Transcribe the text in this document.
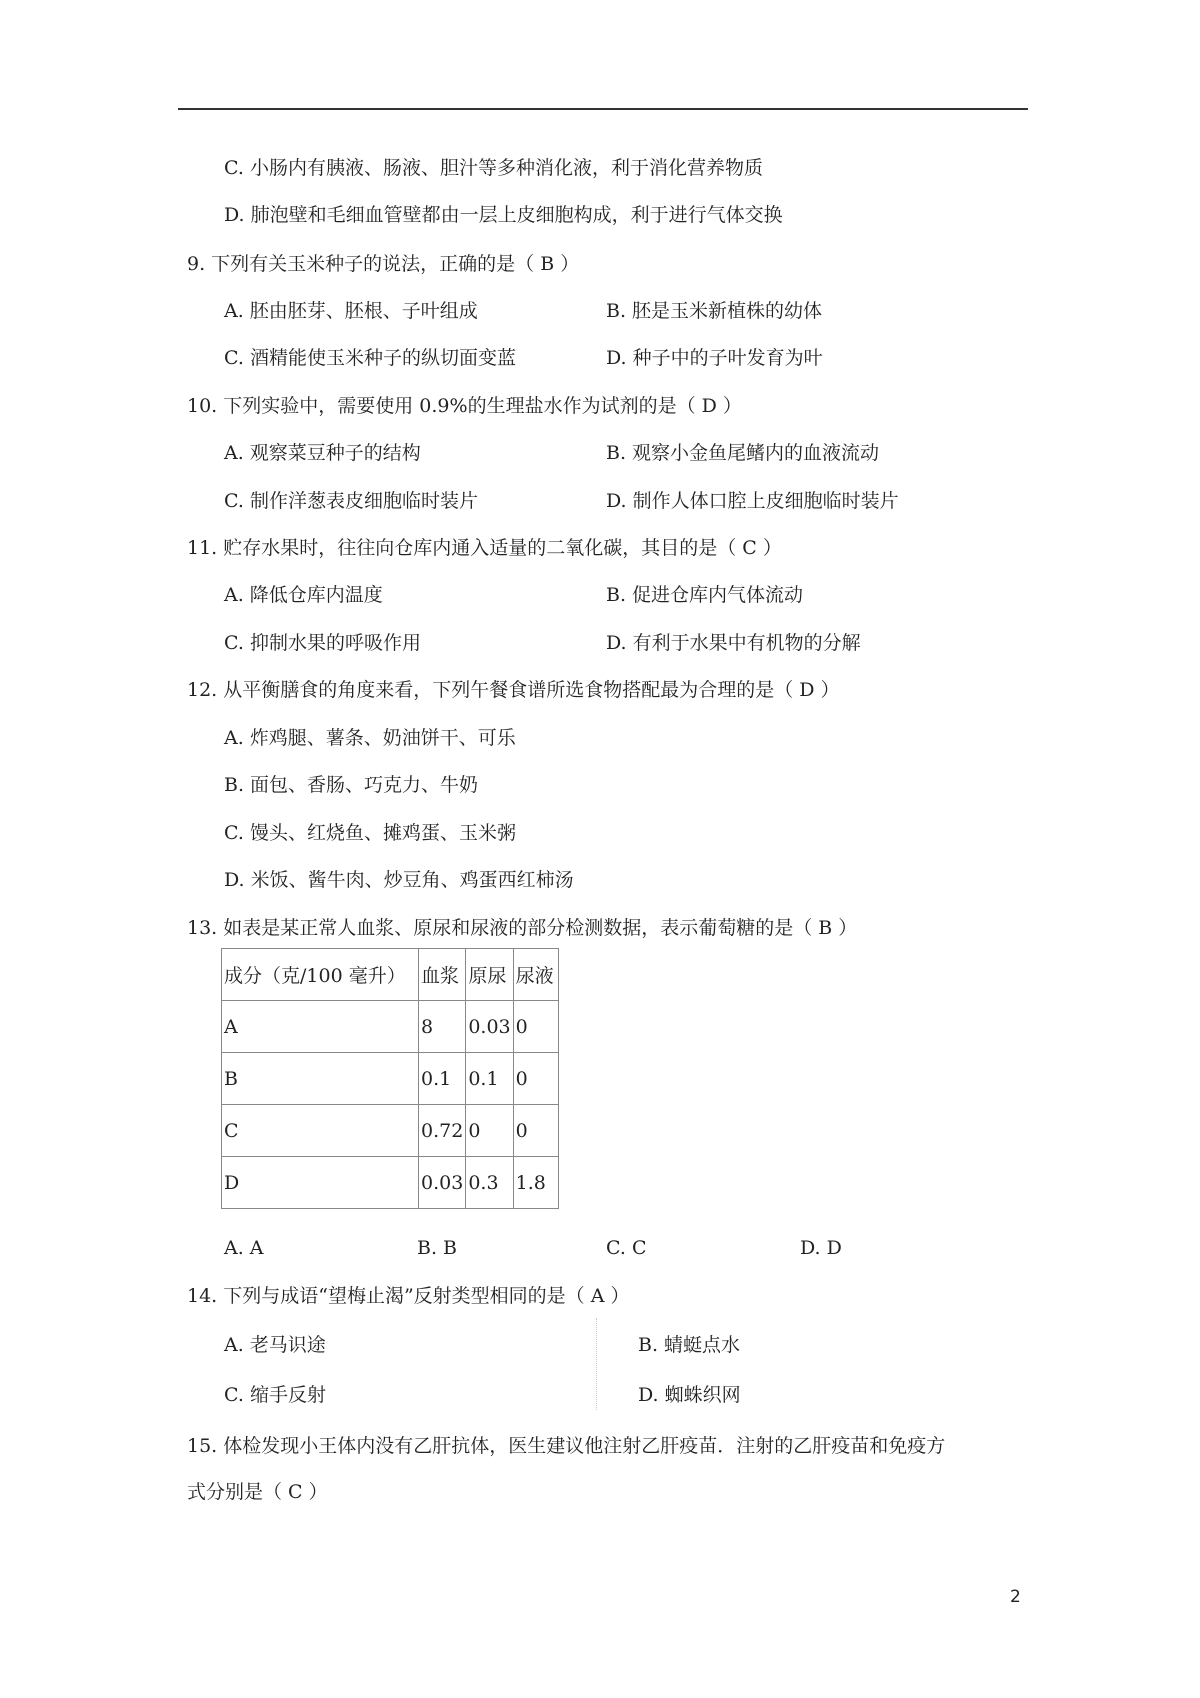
C. 小肠内有胰液、肠液、胆汁等多种消化液，利于消化营养物质
D. 肺泡壁和毛细血管壁都由一层上皮细胞构成，利于进行气体交换
9. 下列有关玉米种子的说法，正确的是（ B ）
A. 胚由胚芽、胚根、子叶组成	B. 胚是玉米新植株的幼体
C. 酒精能使玉米种子的纵切面变蓝	D. 种子中的子叶发育为叶
10. 下列实验中，需要使用 0.9%的生理盐水作为试剂的是（ D ）
A. 观察菜豆种子的结构	B. 观察小金鱼尾鳍内的血液流动
C. 制作洋葱表皮细胞临时装片	D. 制作人体口腔上皮细胞临时装片
11. 贮存水果时，往往向仓库内通入适量的二氧化碳，其目的是（ C ）
A. 降低仓库内温度	B. 促进仓库内气体流动
C. 抑制水果的呼吸作用	D. 有利于水果中有机物的分解
12. 从平衡膳食的角度来看，下列午餐食谱所选食物搭配最为合理的是（ D ）
A. 炸鸡腿、薯条、奶油饼干、可乐
B. 面包、香肠、巧克力、牛奶
C. 馒头、红烧鱼、摊鸡蛋、玉米粥
D. 米饭、酱牛肉、炒豆角、鸡蛋西红柿汤
13. 如表是某正常人血浆、原尿和尿液的部分检测数据，表示葡萄糖的是（ B ）
成分（克/100 毫升）	血浆	原尿	尿液
A	8	0.03	0
B	0.1	0.1	0
C	0.72	0	0
D	0.03	0.3	1.8
A. A	B. B	C. C	D. D
14. 下列与成语“望梅止渴”反射类型相同的是（ A ）
A. 老马识途	B. 蜻蜓点水
C. 缩手反射	D. 蜘蛛织网
15. 体检发现小王体内没有乙肝抗体，医生建议他注射乙肝疫苗．注射的乙肝疫苗和免疫方
式分别是（ C ）
2
